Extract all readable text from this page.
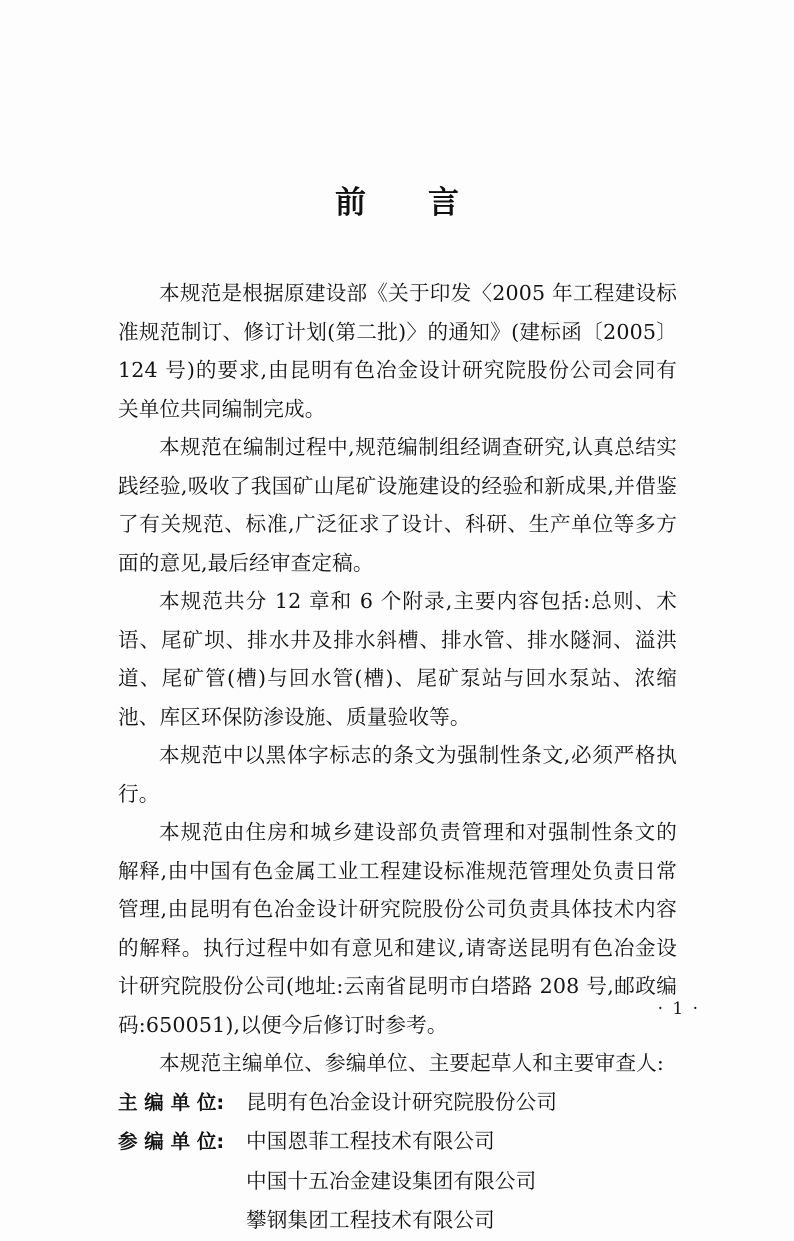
前　　言

本规范是根据原建设部《关于印发〈2005 年工程建设标准规范制订、修订计划(第二批)〉的通知》(建标函〔2005〕124 号)的要求,由昆明有色冶金设计研究院股份公司会同有关单位共同编制完成。

本规范在编制过程中,规范编制组经调查研究,认真总结实践经验,吸收了我国矿山尾矿设施建设的经验和新成果,并借鉴了有关规范、标准,广泛征求了设计、科研、生产单位等多方面的意见,最后经审查定稿。

本规范共分 12 章和 6 个附录,主要内容包括:总则、术语、尾矿坝、排水井及排水斜槽、排水管、排水隧洞、溢洪道、尾矿管(槽)与回水管(槽)、尾矿泵站与回水泵站、浓缩池、库区环保防渗设施、质量验收等。

本规范中以黑体字标志的条文为强制性条文,必须严格执行。

本规范由住房和城乡建设部负责管理和对强制性条文的解释,由中国有色金属工业工程建设标准规范管理处负责日常管理,由昆明有色冶金设计研究院股份公司负责具体技术内容的解释。执行过程中如有意见和建议,请寄送昆明有色冶金设计研究院股份公司(地址:云南省昆明市白塔路 208 号,邮政编码:650051),以便今后修订时参考。

本规范主编单位、参编单位、主要起草人和主要审查人:

主 编 单 位:	昆明有色冶金设计研究院股份公司
参 编 单 位:	中国恩菲工程技术有限公司
中国十五冶金建设集团有限公司
攀钢集团工程技术有限公司
· 1 ·
